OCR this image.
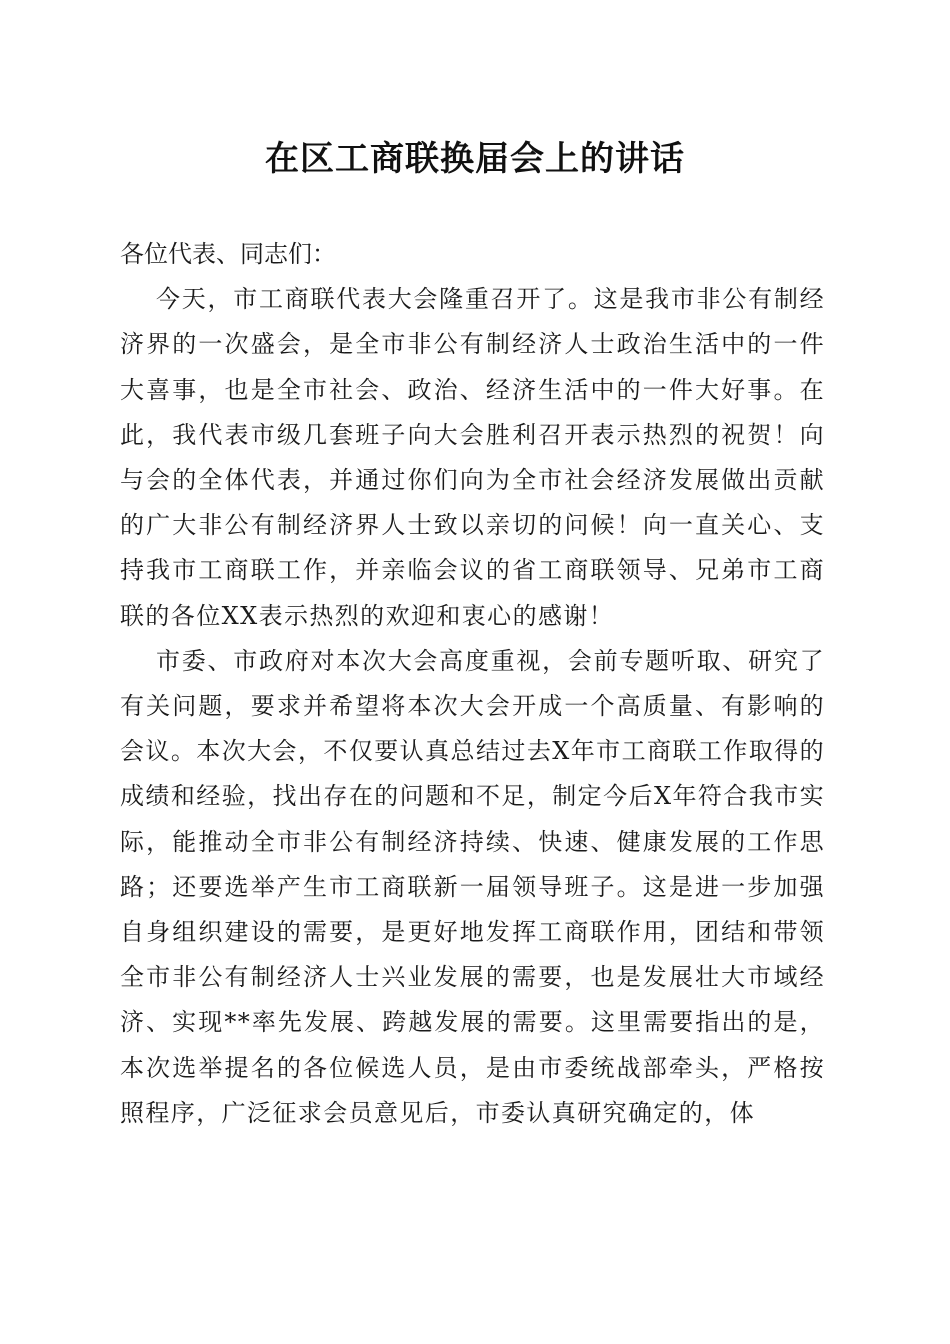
在区工商联换届会上的讲话

各位代表、同志们：

今天，市工商联代表大会隆重召开了。这是我市非公有制经济界的一次盛会，是全市非公有制经济人士政治生活中的一件大喜事，也是全市社会、政治、经济生活中的一件大好事。在此，我代表市级几套班子向大会胜利召开表示热烈的祝贺！向与会的全体代表，并通过你们向为全市社会经济发展做出贡献的广大非公有制经济界人士致以亲切的问候！向一直关心、支持我市工商联工作，并亲临会议的省工商联领导、兄弟市工商联的各位XX表示热烈的欢迎和衷心的感谢！

市委、市政府对本次大会高度重视，会前专题听取、研究了有关问题，要求并希望将本次大会开成一个高质量、有影响的会议。本次大会，不仅要认真总结过去X年市工商联工作取得的成绩和经验，找出存在的问题和不足，制定今后X年符合我市实际，能推动全市非公有制经济持续、快速、健康发展的工作思路；还要选举产生市工商联新一届领导班子。这是进一步加强自身组织建设的需要，是更好地发挥工商联作用，团结和带领全市非公有制经济人士兴业发展的需要，也是发展壮大市域经济、实现**率先发展、跨越发展的需要。这里需要指出的是，本次选举提名的各位候选人员，是由市委统战部牵头，严格按照程序，广泛征求会员意见后，市委认真研究确定的，体
